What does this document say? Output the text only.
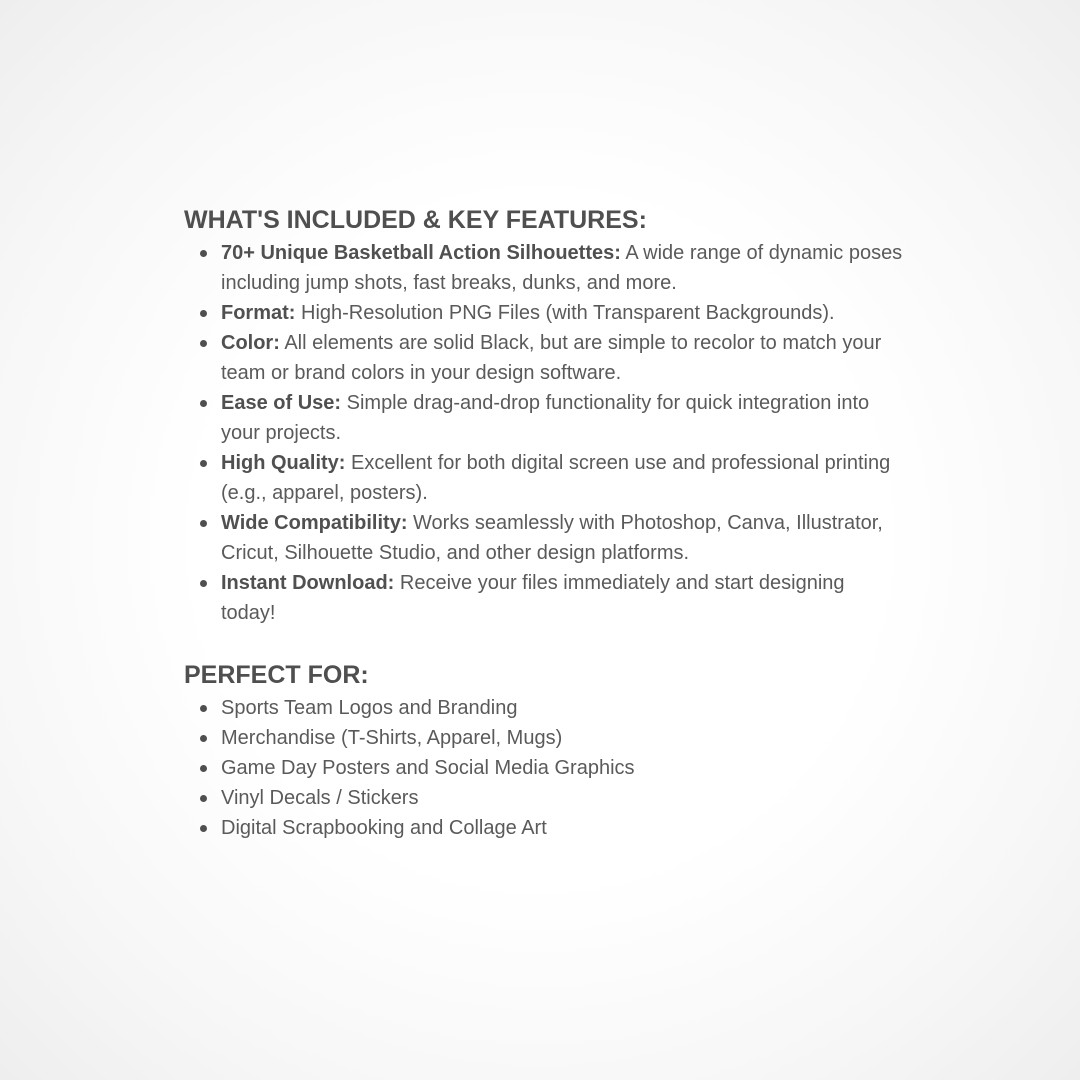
WHAT'S INCLUDED & KEY FEATURES:
70+ Unique Basketball Action Silhouettes: A wide range of dynamic poses including jump shots, fast breaks, dunks, and more.
Format: High-Resolution PNG Files (with Transparent Backgrounds).
Color: All elements are solid Black, but are simple to recolor to match your team or brand colors in your design software.
Ease of Use: Simple drag-and-drop functionality for quick integration into your projects.
High Quality: Excellent for both digital screen use and professional printing (e.g., apparel, posters).
Wide Compatibility: Works seamlessly with Photoshop, Canva, Illustrator, Cricut, Silhouette Studio, and other design platforms.
Instant Download: Receive your files immediately and start designing today!
PERFECT FOR:
Sports Team Logos and Branding
Merchandise (T-Shirts, Apparel, Mugs)
Game Day Posters and Social Media Graphics
Vinyl Decals / Stickers
Digital Scrapbooking and Collage Art
